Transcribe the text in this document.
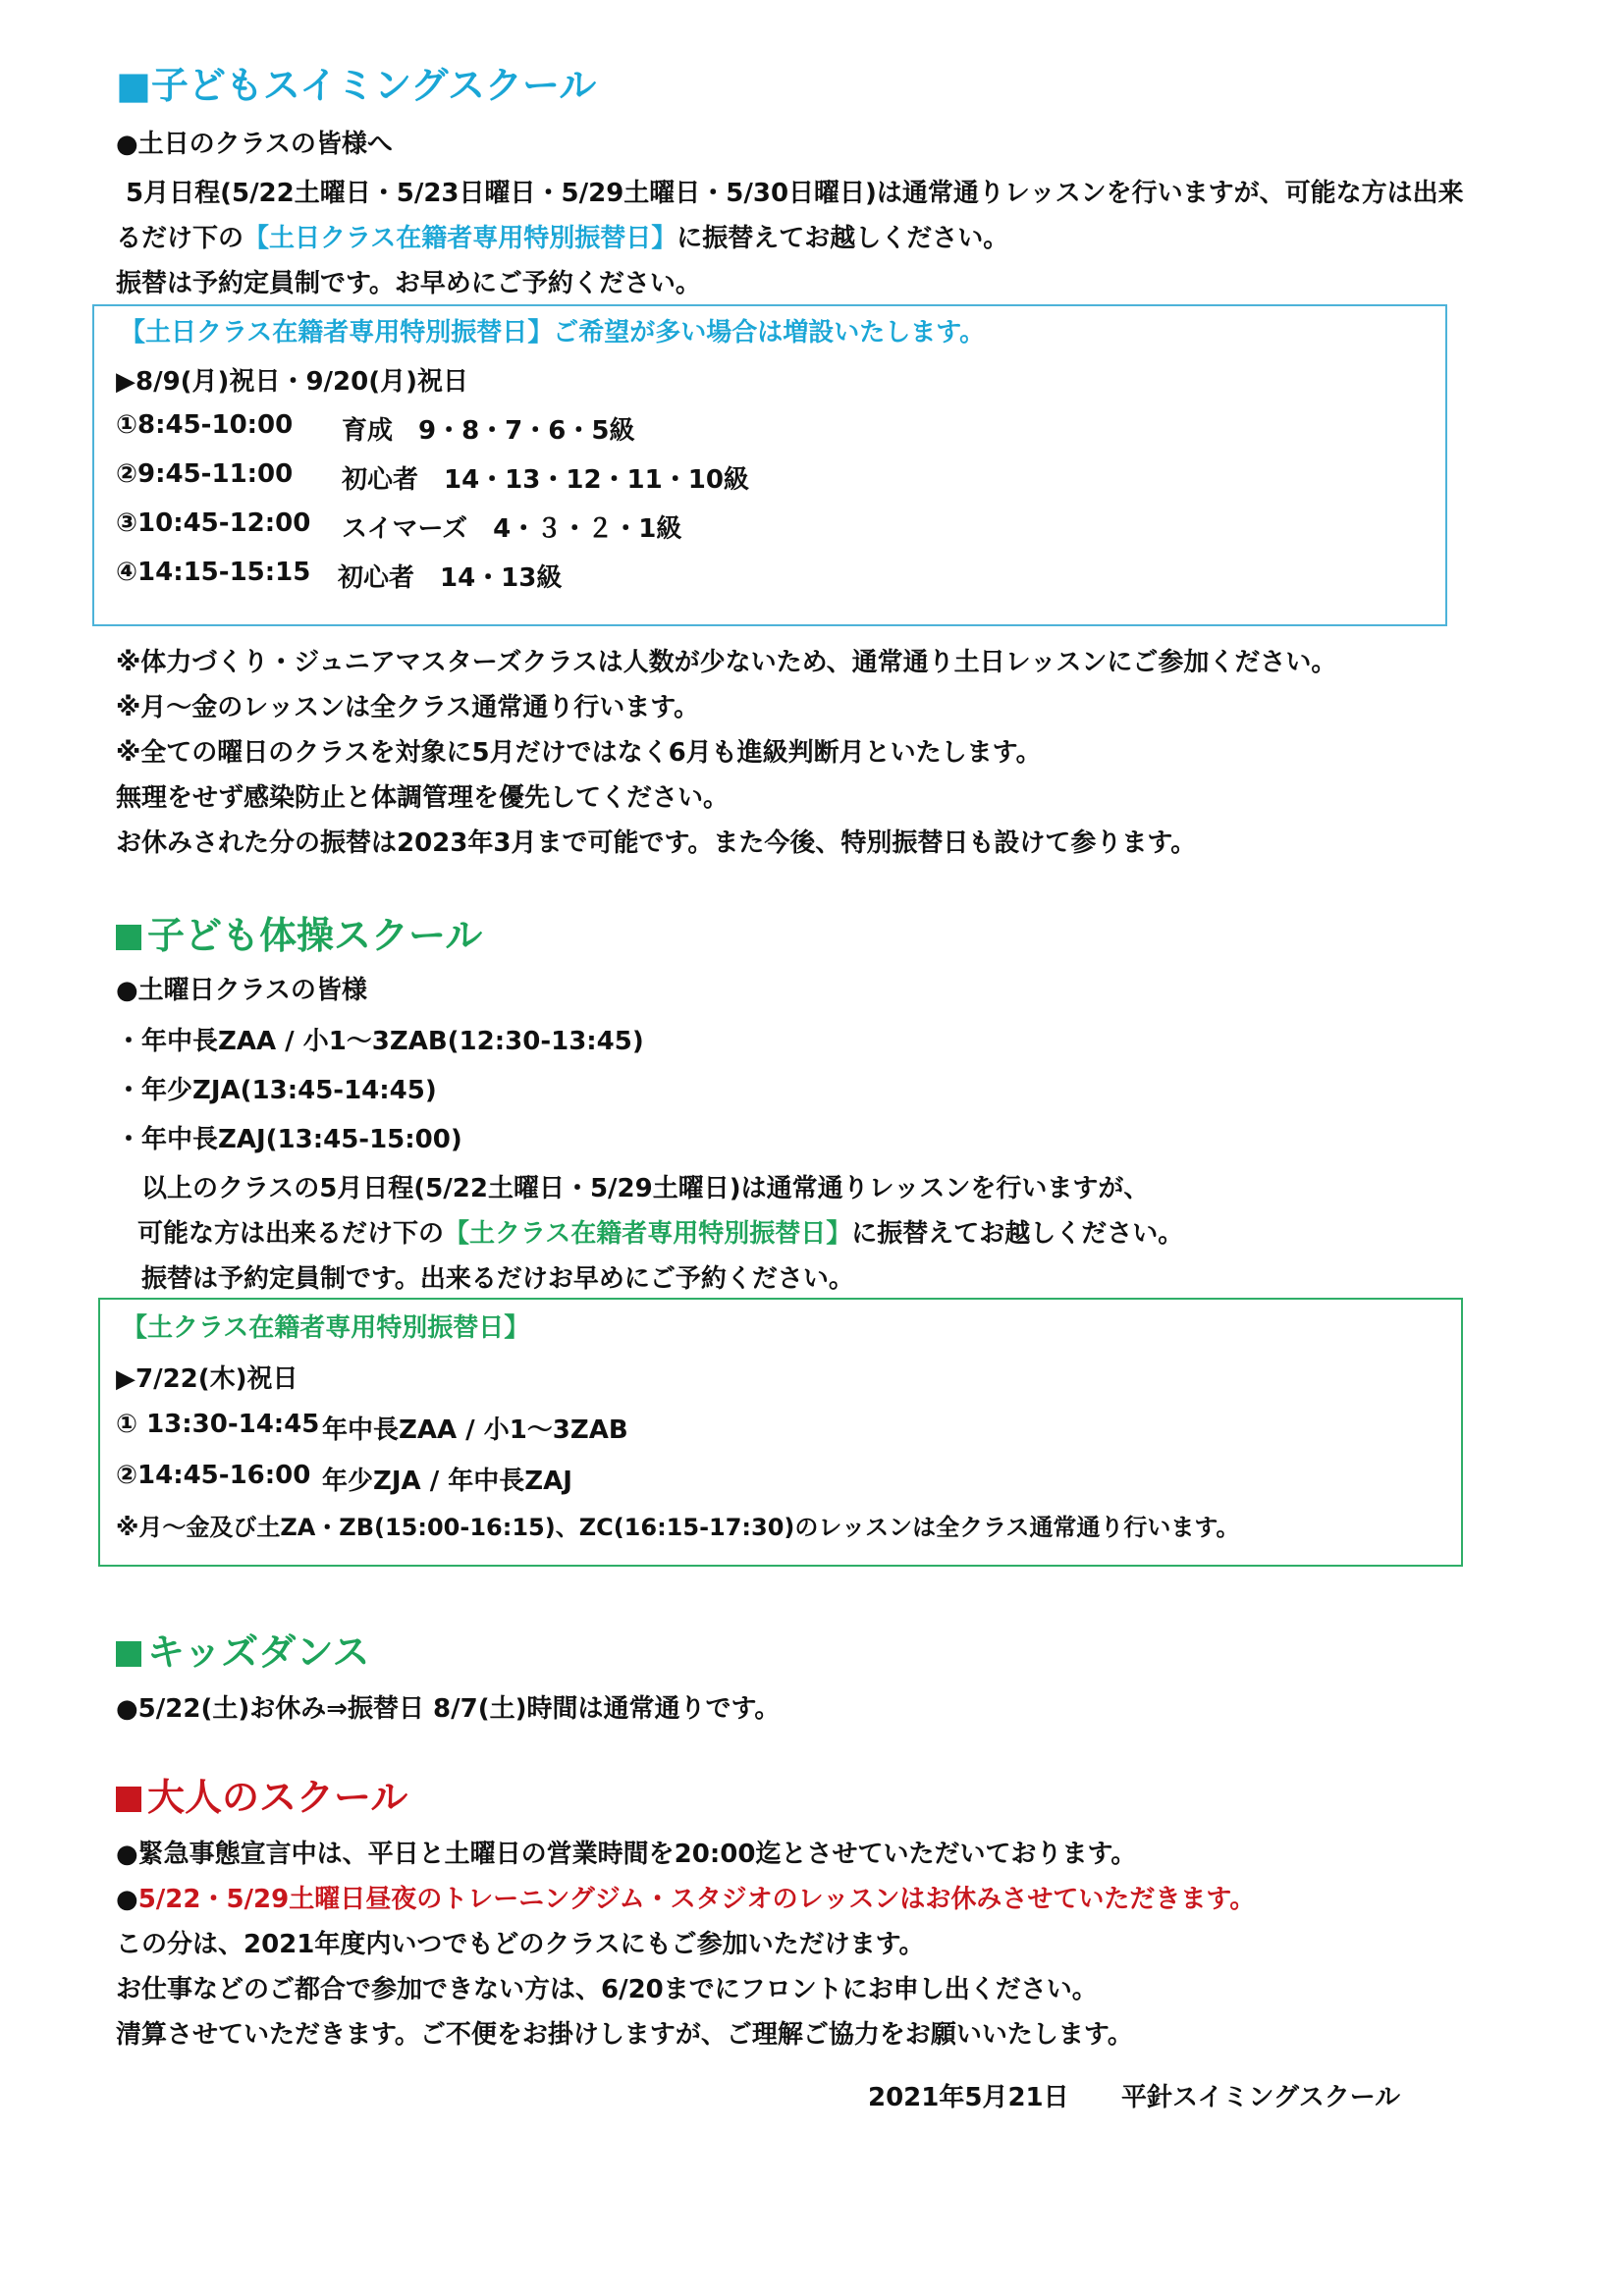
■子どもスイミングスクール
●土日のクラスの皆様へ
5月日程(5/22土曜日・5/23日曜日・5/29土曜日・5/30日曜日)は通常通りレッスンを行いますが、可能な方は出来
るだけ下の【土日クラス在籍者専用特別振替日】に振替えてお越しください。
振替は予約定員制です。お早めにご予約ください。
【土日クラス在籍者専用特別振替日】ご希望が多い場合は増設いたします。
▶8/9(月)祝日・9/20(月)祝日
①8:45-10:00 育成　9・8・7・6・5級
②9:45-11:00 初心者　14・13・12・11・10級
③10:45-12:00 スイマーズ　4・３・２・1級
④14:15-15:15 初心者　14・13級
※体力づくり・ジュニアマスターズクラスは人数が少ないため、通常通り土日レッスンにご参加ください。
※月～金のレッスンは全クラス通常通り行います。
※全ての曜日のクラスを対象に5月だけではなく6月も進級判断月といたします。
無理をせず感染防止と体調管理を優先してください。
お休みされた分の振替は2023年3月まで可能です。また今後、特別振替日も設けて参ります。
子ども体操スクール
●土曜日クラスの皆様
・年中長ZAA / 小1～3ZAB(12:30-13:45)
・年少ZJA(13:45-14:45)
・年中長ZAJ(13:45-15:00)
以上のクラスの5月日程(5/22土曜日・5/29土曜日)は通常通りレッスンを行いますが、
可能な方は出来るだけ下の【土クラス在籍者専用特別振替日】に振替えてお越しください。
振替は予約定員制です。出来るだけお早めにご予約ください。
【土クラス在籍者専用特別振替日】
▶7/22(木)祝日
① 13:30-14:45 年中長ZAA / 小1～3ZAB
②14:45-16:00 年少ZJA / 年中長ZAJ
※月～金及び土ZA・ZB(15:00-16:15)、ZC(16:15-17:30)のレッスンは全クラス通常通り行います。
キッズダンス
●5/22(土)お休み⇒振替日 8/7(土)時間は通常通りです。
大人のスクール
●緊急事態宣言中は、平日と土曜日の営業時間を20:00迄とさせていただいております。
●5/22・5/29土曜日昼夜のトレーニングジム・スタジオのレッスンはお休みさせていただきます。
この分は、2021年度内いつでもどのクラスにもご参加いただけます。
お仕事などのご都合で参加できない方は、6/20までにフロントにお申し出ください。
清算させていただきます。ご不便をお掛けしますが、ご理解ご協力をお願いいたします。
2021年5月21日 平針スイミングスクール
